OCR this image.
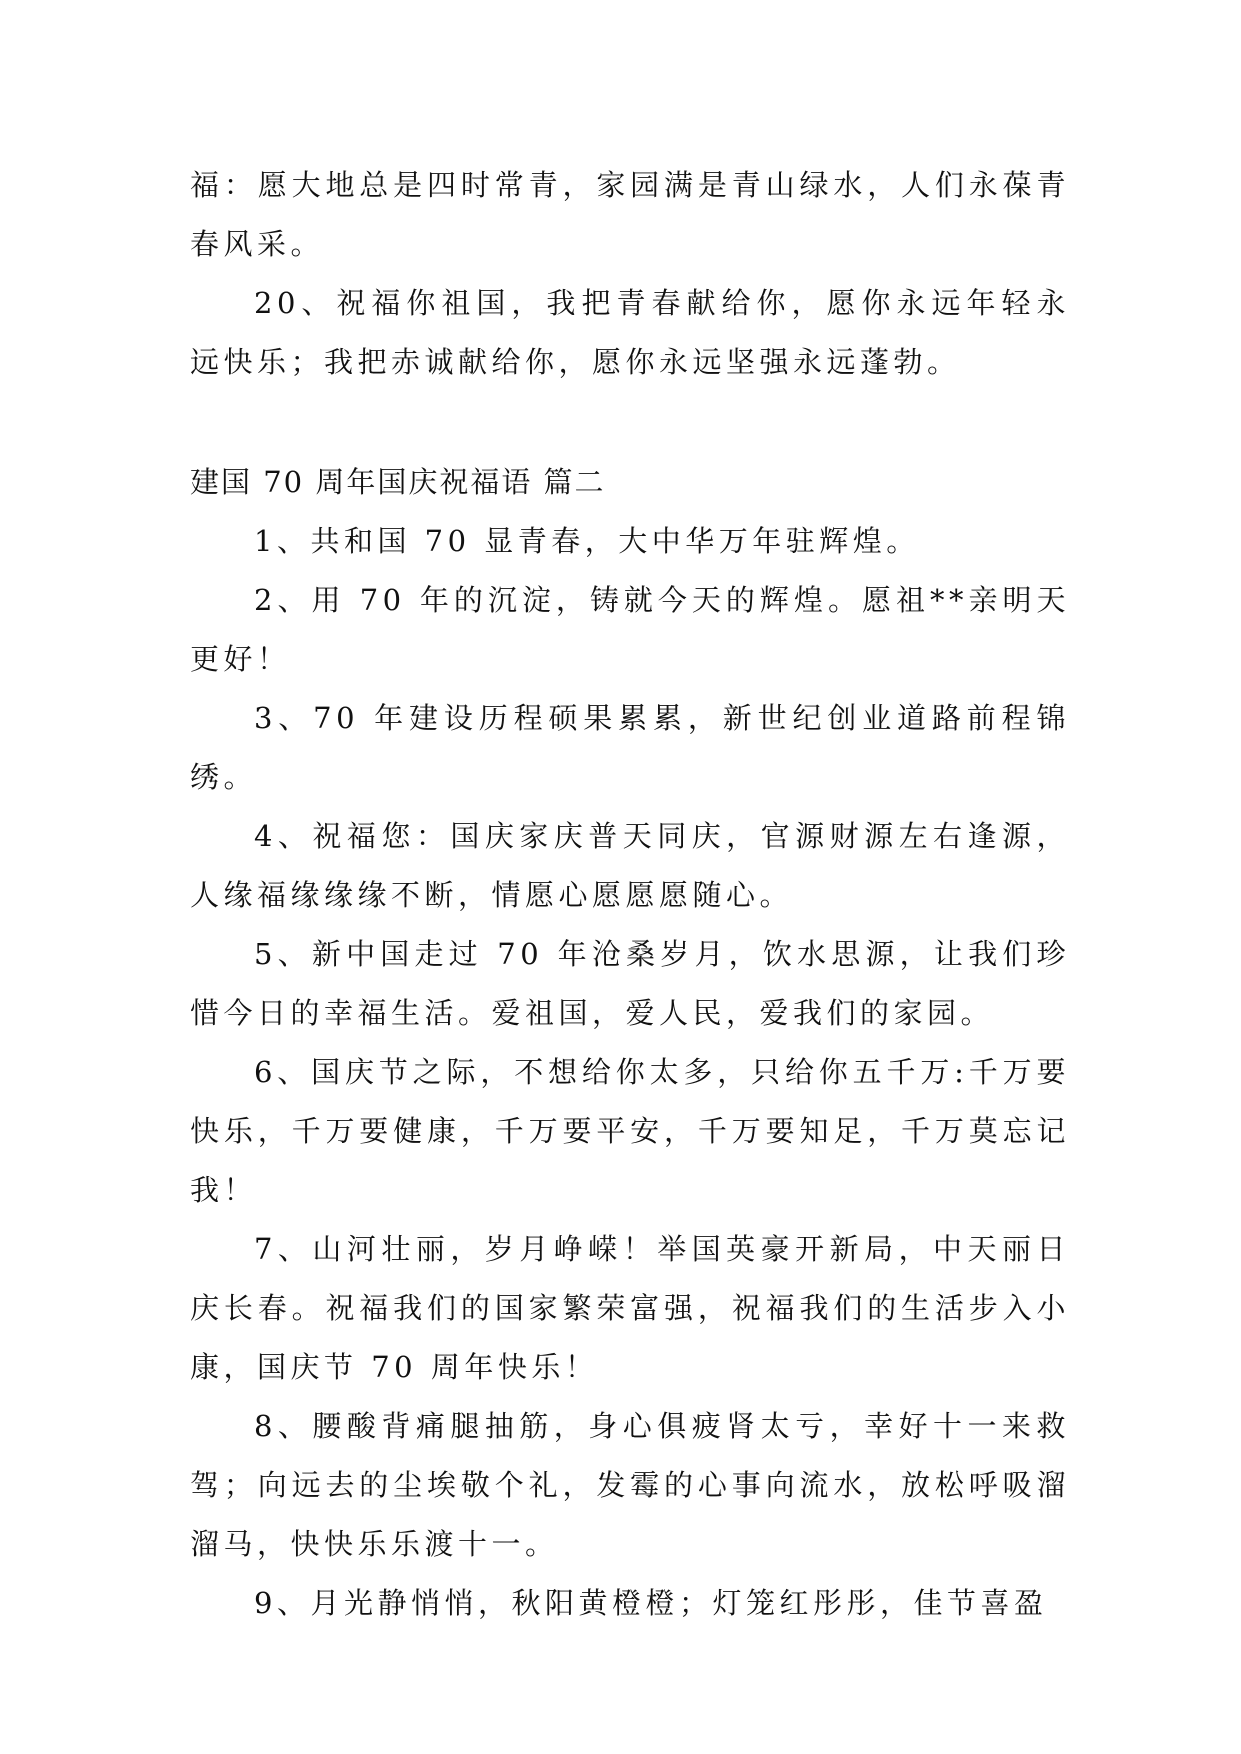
福：愿大地总是四时常青，家园满是青山绿水，人们永葆青春风采。

20、祝福你祖国，我把青春献给你，愿你永远年轻永远快乐；我把赤诚献给你，愿你永远坚强永远蓬勃。

建国 70 周年国庆祝福语 篇二

1、共和国 70 显青春，大中华万年驻辉煌。

2、用 70 年的沉淀，铸就今天的辉煌。愿祖**亲明天更好！

3、70 年建设历程硕果累累，新世纪创业道路前程锦绣。

4、祝福您：国庆家庆普天同庆，官源财源左右逢源，人缘福缘缘缘不断，情愿心愿愿愿随心。

5、新中国走过 70 年沧桑岁月，饮水思源，让我们珍惜今日的幸福生活。爱祖国，爱人民，爱我们的家园。

6、国庆节之际，不想给你太多，只给你五千万:千万要快乐，千万要健康，千万要平安，千万要知足，千万莫忘记我！

7、山河壮丽，岁月峥嵘！举国英豪开新局，中天丽日庆长春。祝福我们的国家繁荣富强，祝福我们的生活步入小康，国庆节 70 周年快乐！

8、腰酸背痛腿抽筋，身心俱疲肾太亏，幸好十一来救驾；向远去的尘埃敬个礼，发霉的心事向流水，放松呼吸溜溜马，快快乐乐渡十一。

9、月光静悄悄，秋阳黄橙橙；灯笼红彤彤，佳节喜盈
